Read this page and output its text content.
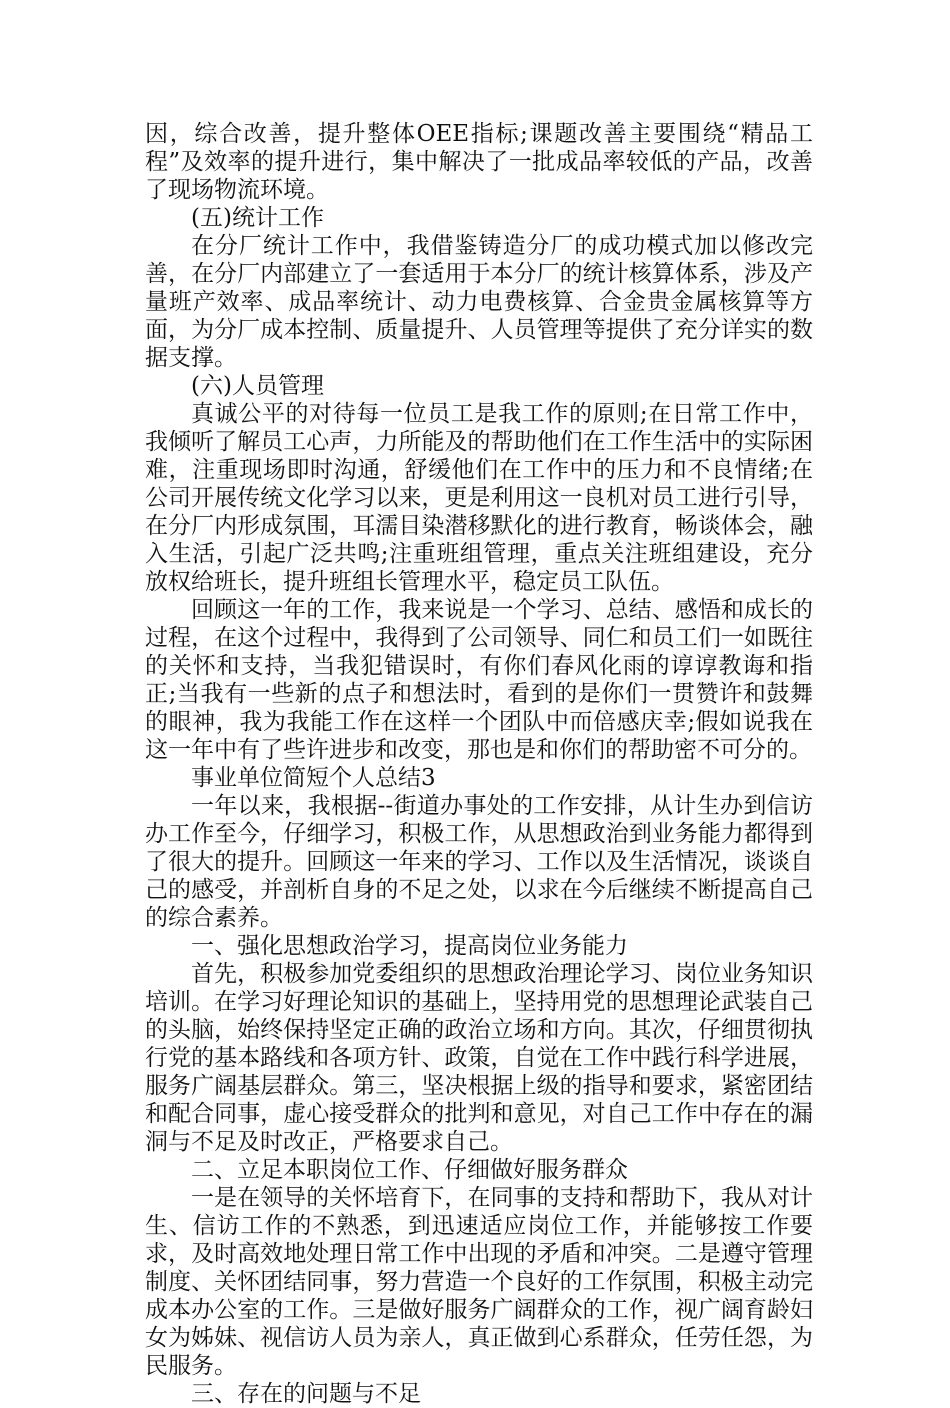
因，综合改善，提升整体OEE指标;课题改善主要围绕“精品工程”及效率的提升进行，集中解决了一批成品率较低的产品，改善了现场物流环境。

(五)统计工作

在分厂统计工作中，我借鉴铸造分厂的成功模式加以修改完善，在分厂内部建立了一套适用于本分厂的统计核算体系，涉及产量班产效率、成品率统计、动力电费核算、合金贵金属核算等方面，为分厂成本控制、质量提升、人员管理等提供了充分详实的数据支撑。

(六)人员管理

真诚公平的对待每一位员工是我工作的原则;在日常工作中，我倾听了解员工心声，力所能及的帮助他们在工作生活中的实际困难，注重现场即时沟通，舒缓他们在工作中的压力和不良情绪;在公司开展传统文化学习以来，更是利用这一良机对员工进行引导，在分厂内形成氛围，耳濡目染潜移默化的进行教育，畅谈体会，融入生活，引起广泛共鸣;注重班组管理，重点关注班组建设，充分放权给班长，提升班组长管理水平，稳定员工队伍。

回顾这一年的工作，我来说是一个学习、总结、感悟和成长的过程，在这个过程中，我得到了公司领导、同仁和员工们一如既往的关怀和支持，当我犯错误时，有你们春风化雨的谆谆教诲和指正;当我有一些新的点子和想法时，看到的是你们一贯赞许和鼓舞的眼神，我为我能工作在这样一个团队中而倍感庆幸;假如说我在这一年中有了些许进步和改变，那也是和你们的帮助密不可分的。

事业单位简短个人总结3

一年以来，我根据--街道办事处的工作安排，从计生办到信访办工作至今，仔细学习，积极工作，从思想政治到业务能力都得到了很大的提升。回顾这一年来的学习、工作以及生活情况，谈谈自己的感受，并剖析自身的不足之处，以求在今后继续不断提高自己的综合素养。

一、强化思想政治学习，提高岗位业务能力

首先，积极参加党委组织的思想政治理论学习、岗位业务知识培训。在学习好理论知识的基础上，坚持用党的思想理论武装自己的头脑，始终保持坚定正确的政治立场和方向。其次，仔细贯彻执行党的基本路线和各项方针、政策，自觉在工作中践行科学进展，服务广阔基层群众。第三，坚决根据上级的指导和要求，紧密团结和配合同事，虚心接受群众的批判和意见，对自己工作中存在的漏洞与不足及时改正，严格要求自己。

二、立足本职岗位工作、仔细做好服务群众

一是在领导的关怀培育下，在同事的支持和帮助下，我从对计生、信访工作的不熟悉，到迅速适应岗位工作，并能够按工作要求，及时高效地处理日常工作中出现的矛盾和冲突。二是遵守管理制度、关怀团结同事，努力营造一个良好的工作氛围，积极主动完成本办公室的工作。三是做好服务广阔群众的工作，视广阔育龄妇女为姊妹、视信访人员为亲人，真正做到心系群众，任劳任怨，为民服务。

三、存在的问题与不足
